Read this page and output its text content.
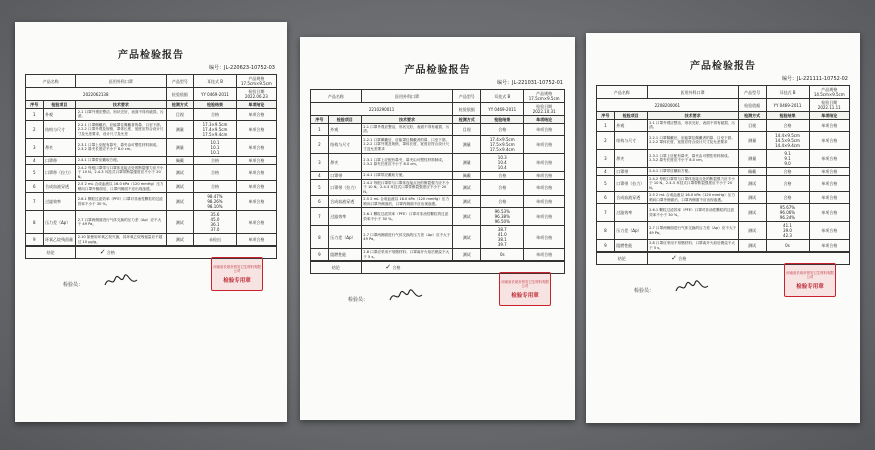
产品检验报告
编号：JL-220623-10752-03
产品名称		医用外科口罩	产品型号	耳挂式 B	产品规格 17.5cm×9.5cm
2022062138			检验依据	YY 0469-2011	检验日期 2022.06.23
序号	检验项目	技术要求	检测方式	检验结果	单项结论
1	外观	2.1 口罩外观应整洁，形状完好，表面不得有破损、污渍。	目视	合格	单项合格
2	结构与尺寸	2.2.1 口罩佩戴后，应能罩住佩戴者的鼻、口至下颌。2.2.2 口罩外观及规格，罩体长度、宽度应符合设计尺寸及允差要求，设计尺寸及允差	测量	17.3×9.5cm
17.4×9.5cm
17.5×9.4cm	单项合格
3	鼻夹	2.3.1 口罩上应配有鼻夹，鼻夹由可塑性材料制成。2.3.2 鼻夹长度应不小于 8.0 cm。	测量	10.1
10.1
10.1	单项合格
4	口罩带	2.4.1 口罩带应戴取方便。	佩戴	合格	单项合格
5	口罩带（拉力）	2.4.2 每根口罩带与口罩体连接点处的断裂强力应不小于 10 N。2.4.3 耳挂式口罩带断裂强度应不小于 20 N。	测试	合格	单项合格
6	合成血液穿透	2.5 2 mL 合成血液以 16.0 kPa（120 mmHg）压力喷向口罩外侧面后，口罩内侧面不应出现渗透。	测试	合格	单项合格
7	过滤效率	2.6.1 颗粒过滤效率（PFE）口罩对非油性颗粒的过滤效率不小于 30 %。	测试	98.47%
98.26%
98.10%	单项合格
8	压力差（Δp）	2.7 口罩两侧面进行气体交换的压力差（Δp）应不大于 49 Pa。	测试	35.6
45.0
36.1
37.0	单项合格
9	环氧乙烷残留量	2.10 如使用环氧乙烷灭菌，其环氧乙烷残留量应不超过 10 μg/g。	测试	未检出	单项合格
结论	✓ 合格
检验员：
河南省长垣市恒安卫生材料有限公司
检验专用章
产品检验报告
编号：JL-221031-10752-01
产品名称		医用外科口罩	产品型号	耳挂式 B	产品规格 17.5cm×9.5cm
2210290011			检验依据	YY 0469-2011	检验日期 2022.10.31
序号	检验项目	技术要求	检测方式	检验结果	单项结论
1	外观	2.1 口罩外观应整洁，形状完好，表面不得有破损、污渍。	目视	合格	单项合格
2	结构与尺寸	2.2.1 口罩佩戴后，应能罩住佩戴者的鼻、口至下颌。2.2.2 口罩外观及规格，罩体长度、宽度应符合设计尺寸及允差要求	测量	17.4×9.5cm
17.5×9.5cm
17.5×9.4cm	单项合格
3	鼻夹	2.3.1 口罩上应配有鼻夹，鼻夹由可塑性材料制成。2.3.2 鼻夹长度应不小于 8.0 cm。	测量	10.3
10.4
10.4	单项合格
4	口罩带	2.4.1 口罩带应戴取方便。	佩戴	合格	单项合格
5	口罩带（拉力）	2.4.2 每根口罩带与口罩体连接点处的断裂强力应不小于 10 N。2.4.3 耳挂式口罩带断裂强度应不小于 20 N。	测试	合格	单项合格
6	合成血液穿透	2.5 2 mL 合成血液以 16.0 kPa（120 mmHg）压力喷向口罩外侧面后，口罩内侧面不应出现渗透。	测试	合格	单项合格
7	过滤效率	2.6.1 颗粒过滤效率（PFE）口罩对非油性颗粒的过滤效率不小于 30 %。	测试	96.53%
96.38%
96.50%	单项合格
8	压力差（Δp）	2.7 口罩两侧面进行气体交换的压力差（Δp）应不大于 49 Pa。	测试	38.7
41.0
38.1
39.7	单项合格
9	阻燃性能	2.8 口罩应采用不易燃材料；口罩离开火焰后燃烧不大于 5 s。	测试	0s	单项合格
结论	✓ 合格
检验员：
河南省长垣市恒安卫生材料有限公司
检验专用章
产品检验报告
编号：JL-221111-10752-02
产品名称		医用外科口罩	产品型号	耳挂式 B	产品规格 14.5cm×9.5cm
2208200061			检验依据	YY 0469-2011	检验日期 2022.11.11
序号	检验项目	技术要求	检测方式	检验结果	单项结论
1	外观	2.1 口罩外观应整洁，形状完好，表面不得有破损、污渍。	目视	合格	单项合格
2	结构与尺寸	2.2.1 口罩佩戴后，应能罩住佩戴者的鼻、口至下颌。2.2.2 罩体长度、宽度应符合设计尺寸及允差要求	测量	14.4×9.5cm
14.5×9.5cm
14.4×9.4cm	单项合格
3	鼻夹	2.3.1 口罩上应配有鼻夹，鼻夹由可塑性材料制成。2.3.2 鼻夹长度应不小于 8.0 cm。	测量	9.1
9.1
9.0	单项合格
4	口罩带	2.4.1 口罩带应戴取方便。	佩戴	合格	单项合格
5	口罩带（拉力）	2.4.2 每根口罩带与口罩体连接点处的断裂强力应不小于 10 N。2.4.3 耳挂式口罩带断裂强度应不小于 20 N。	测试	合格	单项合格
6	合成血液穿透	2.5 2 mL 合成血液以 16.0 kPa（120 mmHg）压力喷向口罩外侧面后，口罩内侧面不应出现渗透。	测试	合格	单项合格
7	过滤效率	2.6.1 颗粒过滤效率（PFE）口罩对非油性颗粒的过滤效率不小于 30 %。	测试	95.67%
96.06%
96.24%	单项合格
8	压力差（Δp）	2.7 口罩两侧面进行气体交换的压力差（Δp）应不大于 49 Pa。	测试	41.1
39.0
42.3	单项合格
9	阻燃性能	2.8 口罩应采用不易燃材料；口罩离开火焰后燃烧不大于 5 s。	测试	0s	单项合格
结论	✓ 合格
检验员：
河南省长垣市恒安卫生材料有限公司
检验专用章
